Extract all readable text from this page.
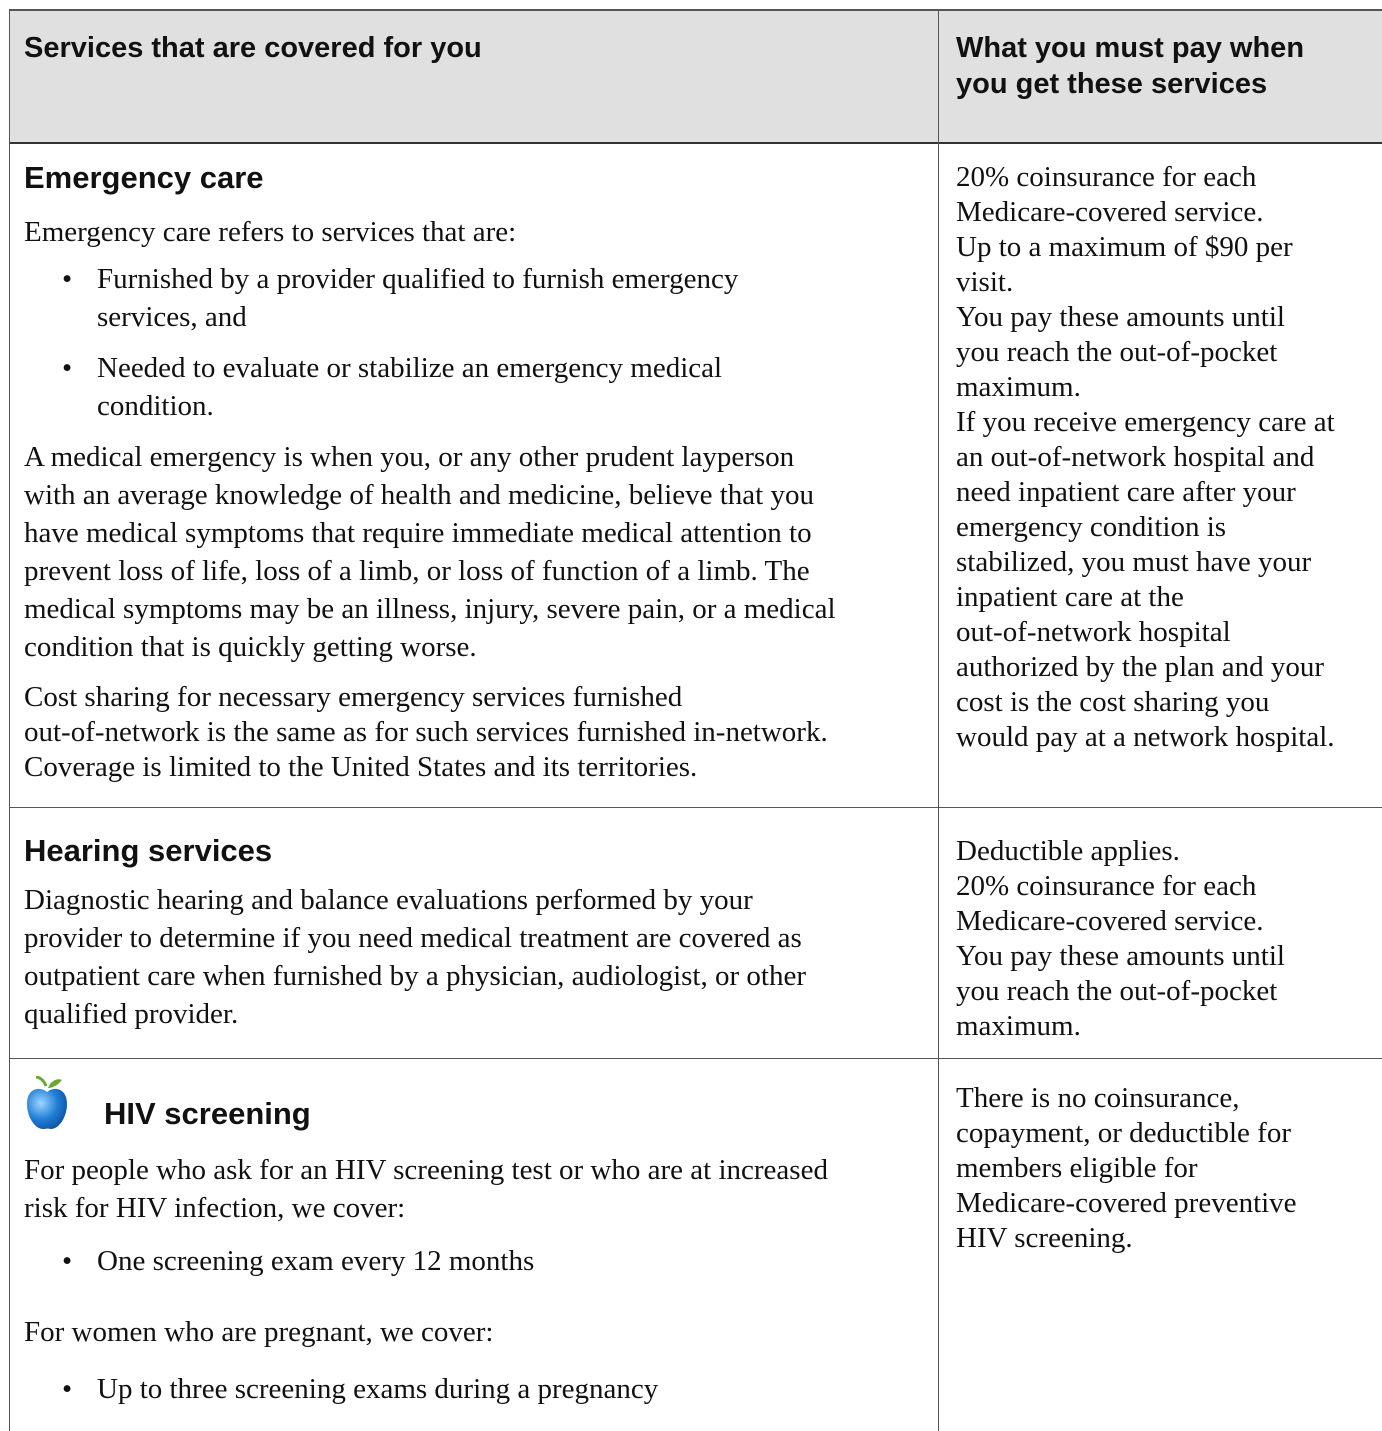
Services that are covered for you	What you must pay when
you get these services
Emergency care
Emergency care refers to services that are:
• Furnished by a provider qualified to furnish emergency
services, and
• Needed to evaluate or stabilize an emergency medical
condition.
A medical emergency is when you, or any other prudent layperson
with an average knowledge of health and medicine, believe that you
have medical symptoms that require immediate medical attention to
prevent loss of life, loss of a limb, or loss of function of a limb. The
medical symptoms may be an illness, injury, severe pain, or a medical
condition that is quickly getting worse.
Cost sharing for necessary emergency services furnished
out-of-network is the same as for such services furnished in-network.
Coverage is limited to the United States and its territories.
20% coinsurance for each
Medicare-covered service.
Up to a maximum of $90 per
visit.
You pay these amounts until
you reach the out-of-pocket
maximum.
If you receive emergency care at
an out-of-network hospital and
need inpatient care after your
emergency condition is
stabilized, you must have your
inpatient care at the
out-of-network hospital
authorized by the plan and your
cost is the cost sharing you
would pay at a network hospital.
Hearing services
Diagnostic hearing and balance evaluations performed by your
provider to determine if you need medical treatment are covered as
outpatient care when furnished by a physician, audiologist, or other
qualified provider.
Deductible applies.
20% coinsurance for each
Medicare-covered service.
You pay these amounts until
you reach the out-of-pocket
maximum.
HIV screening
For people who ask for an HIV screening test or who are at increased
risk for HIV infection, we cover:
• One screening exam every 12 months
For women who are pregnant, we cover:
• Up to three screening exams during a pregnancy
There is no coinsurance,
copayment, or deductible for
members eligible for
Medicare-covered preventive
HIV screening.
